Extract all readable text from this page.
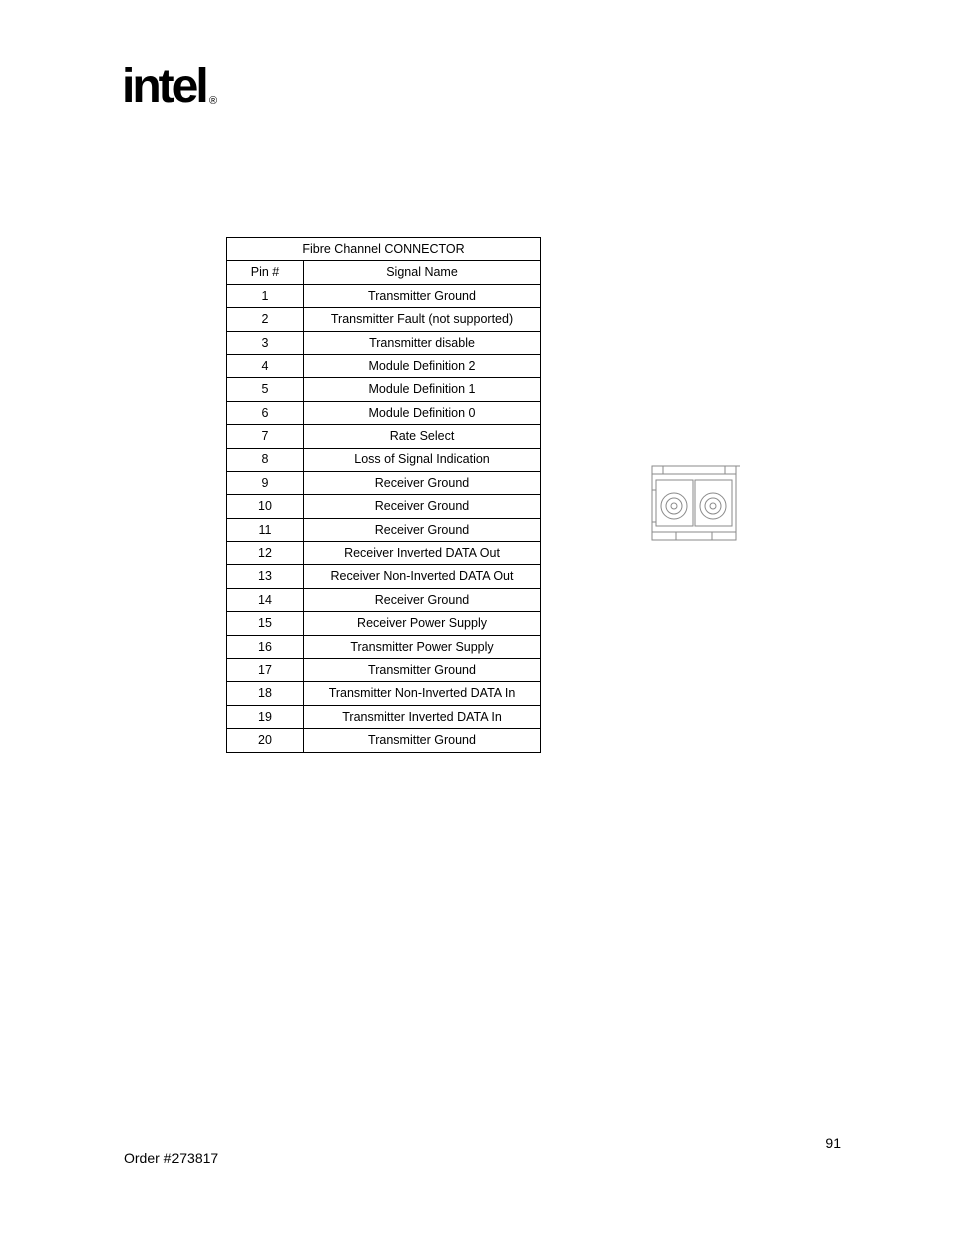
intel ®
Fibre Channel CONNECTOR	
Pin #	Signal Name
1	Transmitter Ground
2	Transmitter Fault (not supported)
3	Transmitter disable
4	Module Definition 2
5	Module Definition 1
6	Module Definition 0
7	Rate Select
8	Loss of Signal Indication
9	Receiver Ground
10	Receiver Ground
11	Receiver Ground
12	Receiver Inverted DATA Out
13	Receiver Non-Inverted DATA Out
14	Receiver Ground
15	Receiver Power Supply
16	Transmitter Power Supply
17	Transmitter Ground
18	Transmitter Non-Inverted DATA In
19	Transmitter Inverted DATA In
20	Transmitter Ground
91
Order #273817
